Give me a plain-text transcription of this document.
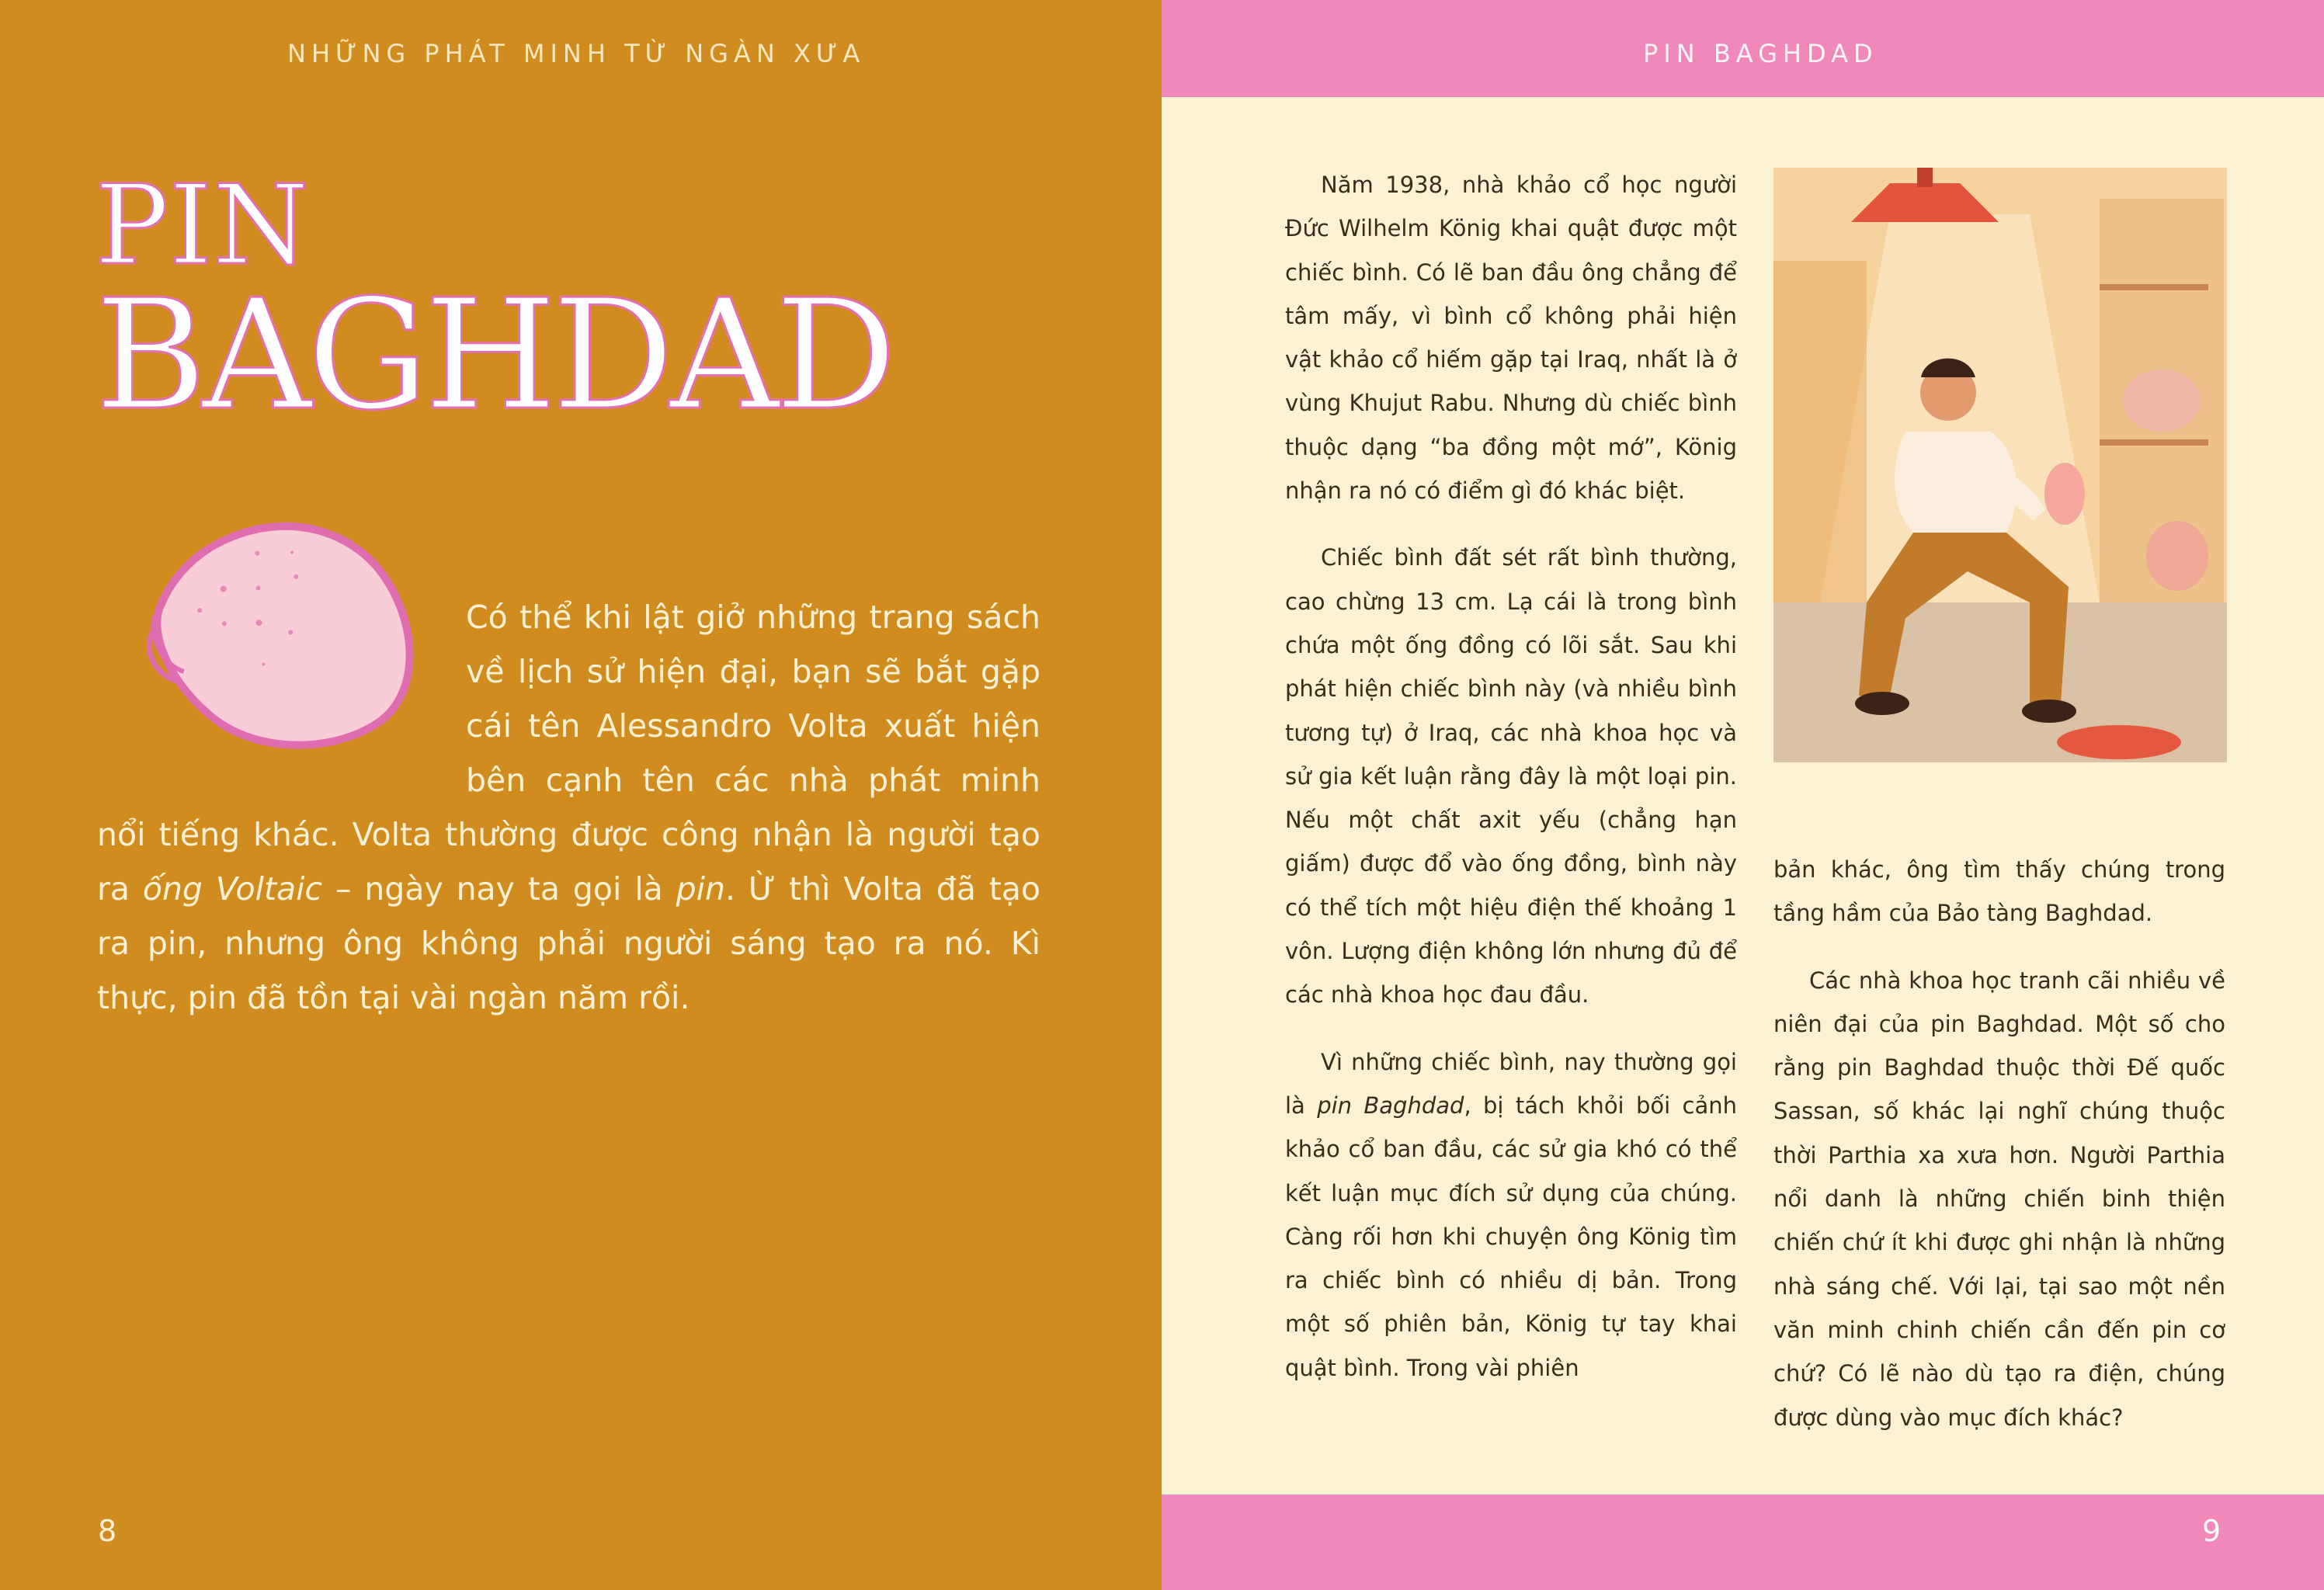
NHỮNG PHÁT MINH TỪ NGÀN XƯA
PIN
BAGHDAD
Có thể khi lật giở những trang sách về lịch sử hiện đại, bạn sẽ bắt gặp cái tên Alessandro Volta xuất hiện bên cạnh tên các nhà phát minh nổi tiếng khác. Volta thường được công nhận là người tạo ra ống Voltaic – ngày nay ta gọi là pin. Ừ thì Volta đã tạo ra pin, nhưng ông không phải người sáng tạo ra nó. Kì thực, pin đã tồn tại vài ngàn năm rồi.
8
PIN BAGHDAD
9

Năm 1938, nhà khảo cổ học người Đức Wilhelm König khai quật được một chiếc bình. Có lẽ ban đầu ông chẳng để tâm mấy, vì bình cổ không phải hiện vật khảo cổ hiếm gặp tại Iraq, nhất là ở vùng Khujut Rabu. Nhưng dù chiếc bình thuộc dạng “ba đồng một mớ”, König nhận ra nó có điểm gì đó khác biệt.

Chiếc bình đất sét rất bình thường, cao chừng 13 cm. Lạ cái là trong bình chứa một ống đồng có lõi sắt. Sau khi phát hiện chiếc bình này (và nhiều bình tương tự) ở Iraq, các nhà khoa học và sử gia kết luận rằng đây là một loại pin. Nếu một chất axit yếu (chẳng hạn giấm) được đổ vào ống đồng, bình này có thể tích một hiệu điện thế khoảng 1 vôn. Lượng điện không lớn nhưng đủ để các nhà khoa học đau đầu.

Vì những chiếc bình, nay thường gọi là pin Baghdad, bị tách khỏi bối cảnh khảo cổ ban đầu, các sử gia khó có thể kết luận mục đích sử dụng của chúng. Càng rối hơn khi chuyện ông König tìm ra chiếc bình có nhiều dị bản. Trong một số phiên bản, König tự tay khai quật bình. Trong vài phiên

bản khác, ông tìm thấy chúng trong tầng hầm của Bảo tàng Baghdad.

Các nhà khoa học tranh cãi nhiều về niên đại của pin Baghdad. Một số cho rằng pin Baghdad thuộc thời Đế quốc Sassan, số khác lại nghĩ chúng thuộc thời Parthia xa xưa hơn. Người Parthia nổi danh là những chiến binh thiện chiến chứ ít khi được ghi nhận là những nhà sáng chế. Với lại, tại sao một nền văn minh chinh chiến cần đến pin cơ chứ? Có lẽ nào dù tạo ra điện, chúng được dùng vào mục đích khác?
